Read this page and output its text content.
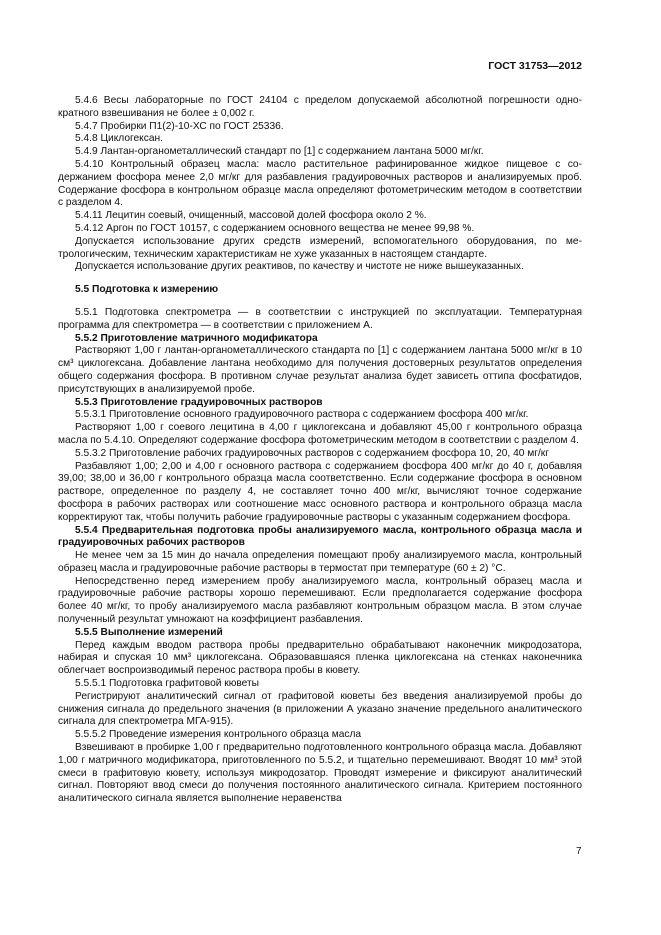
ГОСТ 31753—2012

5.4.6 Весы лабораторные по ГОСТ 24104 с пределом допускаемой абсолютной погрешности однократного взвешивания не более ± 0,002 г.

5.4.7 Пробирки П1(2)-10-ХС по ГОСТ 25336.

5.4.8 Циклогексан.

5.4.9 Лантан-органометаллический стандарт по [1] с содержанием лантана 5000 мг/кг.

5.4.10 Контрольный образец масла: масло растительное рафинированное жидкое пищевое с содержанием фосфора менее 2,0 мг/кг для разбавления градуировочных растворов и анализируемых проб. Содержание фосфора в контрольном образце масла определяют фотометрическим методом в соответствии с разделом 4.

5.4.11 Лецитин соевый, очищенный, массовой долей фосфора около 2 %.

5.4.12 Аргон по ГОСТ 10157, с содержанием основного вещества не менее 99,98 %.

Допускается использование других средств измерений, вспомогательного оборудования, по метрологическим, техническим характеристикам не хуже указанных в настоящем стандарте.

Допускается использование других реактивов, по качеству и чистоте не ниже вышеуказанных.

5.5 Подготовка к измерению

5.5.1 Подготовка спектрометра — в соответствии с инструкцией по эксплуатации. Температурная программа для спектрометра — в соответствии с приложением А.

5.5.2 Приготовление матричного модификатора

Растворяют 1,00 г лантан-органометаллического стандарта по [1] с содержанием лантана 5000 мг/кг в 10 см³ циклогексана. Добавление лантана необходимо для получения достоверных результатов определения общего содержания фосфора. В противном случае результат анализа будет зависеть оттипа фосфатидов, присутствующих в анализируемой пробе.

5.5.3 Приготовление градуировочных растворов

5.5.3.1 Приготовление основного градуировочного раствора с содержанием фосфора 400 мг/кг.

Растворяют 1,00 г соевого лецитина в 4,00 г циклогексана и добавляют 45,00 г контрольного образца масла по 5.4.10. Определяют содержание фосфора фотометрическим методом в соответствии с разделом 4.

5.5.3.2 Приготовление рабочих градуировочных растворов с содержанием фосфора 10, 20, 40 мг/кг

Разбавляют 1,00; 2,00 и 4,00 г основного раствора с содержанием фосфора 400 мг/кг до 40 г, добавляя 39,00; 38,00 и 36,00 г контрольного образца масла соответственно. Если содержание фосфора в основном растворе, определенное по разделу 4, не составляет точно 400 мг/кг, вычисляют точное содержание фосфора в рабочих растворах или соотношение масс основного раствора и контрольного образца масла корректируют так, чтобы получить рабочие градуировочные растворы с указанным содержанием фосфора.

5.5.4 Предварительная подготовка пробы анализируемого масла, контрольного образца масла и градуировочных рабочих растворов

Не менее чем за 15 мин до начала определения помещают пробу анализируемого масла, контрольный образец масла и градуировочные рабочие растворы в термостат при температуре (60 ± 2) °С.

Непосредственно перед измерением пробу анализируемого масла, контрольный образец масла и градуировочные рабочие растворы хорошо перемешивают. Если предполагается содержание фосфора более 40 мг/кг, то пробу анализируемого масла разбавляют контрольным образцом масла. В этом случае полученный результат умножают на коэффициент разбавления.

5.5.5 Выполнение измерений

Перед каждым вводом раствора пробы предварительно обрабатывают наконечник микродозатора, набирая и спуская 10 мм³ циклогексана. Образовавшаяся пленка циклогексана на стенках наконечника облегчает воспроизводимый перенос раствора пробы в кювету.

5.5.5.1 Подготовка графитовой кюветы

Регистрируют аналитический сигнал от графитовой кюветы без введения анализируемой пробы до снижения сигнала до предельного значения (в приложении А указано значение предельного аналитического сигнала для спектрометра МГА-915).

5.5.5.2 Проведение измерения контрольного образца масла

Взвешивают в пробирке 1,00 г предварительно подготовленного контрольного образца масла. Добавляют 1,00 г матричного модификатора, приготовленного по 5.5.2, и тщательно перемешивают. Вводят 10 мм³ этой смеси в графитовую кювету, используя микродозатор. Проводят измерение и фиксируют аналитический сигнал. Повторяют ввод смеси до получения постоянного аналитического сигнала. Критерием постоянного аналитического сигнала является выполнение неравенства

7
